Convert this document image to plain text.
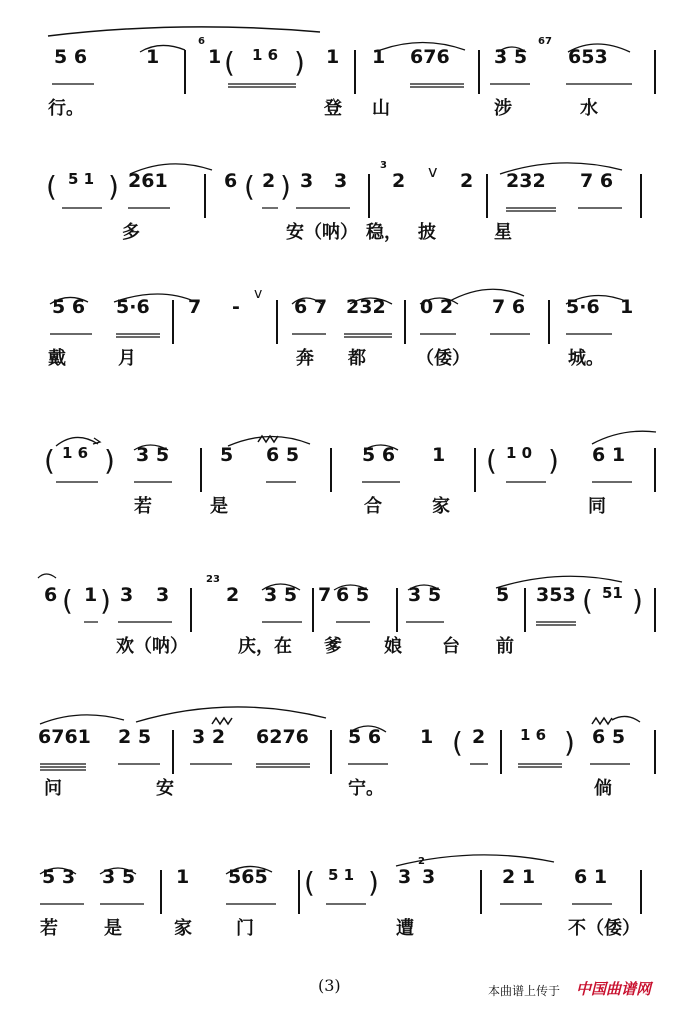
5 6	1
6
1 ( 1 6 ) 1 1 676 3 5
67
653
行。	登 山	涉	水
( 5 1 ) 261	6 ( 2 ) 3 3
3
2 v 2 232 7 6
多	安（呐） 稳， 披	星
5 6 5·6 7 -
v
6 7 232 0 2 7 6 5·6 1
戴	月	奔 都	（倭）	城。
( 1 6 ) 3 5	5 6 5	5 6 1 ( 1 0 ) 6 1
若	是	合	家	同
6 ( 1 ) 3 3
23
2 3 5 7 6 5 3 5	5 353 ( 51 )
欢（呐）	庆，在 爹 娘 台 前
6761 2 5 3 2 6276 5 6 1 ( 2 1 6 ) 6 5
问	安	宁。	倘
5 3 3 5 1 565 ( 5 1 ) 3
2
3	2 1 6 1
若	是	家 门	遭	不（倭）
(3)	本曲谱上传于 中国曲谱网
